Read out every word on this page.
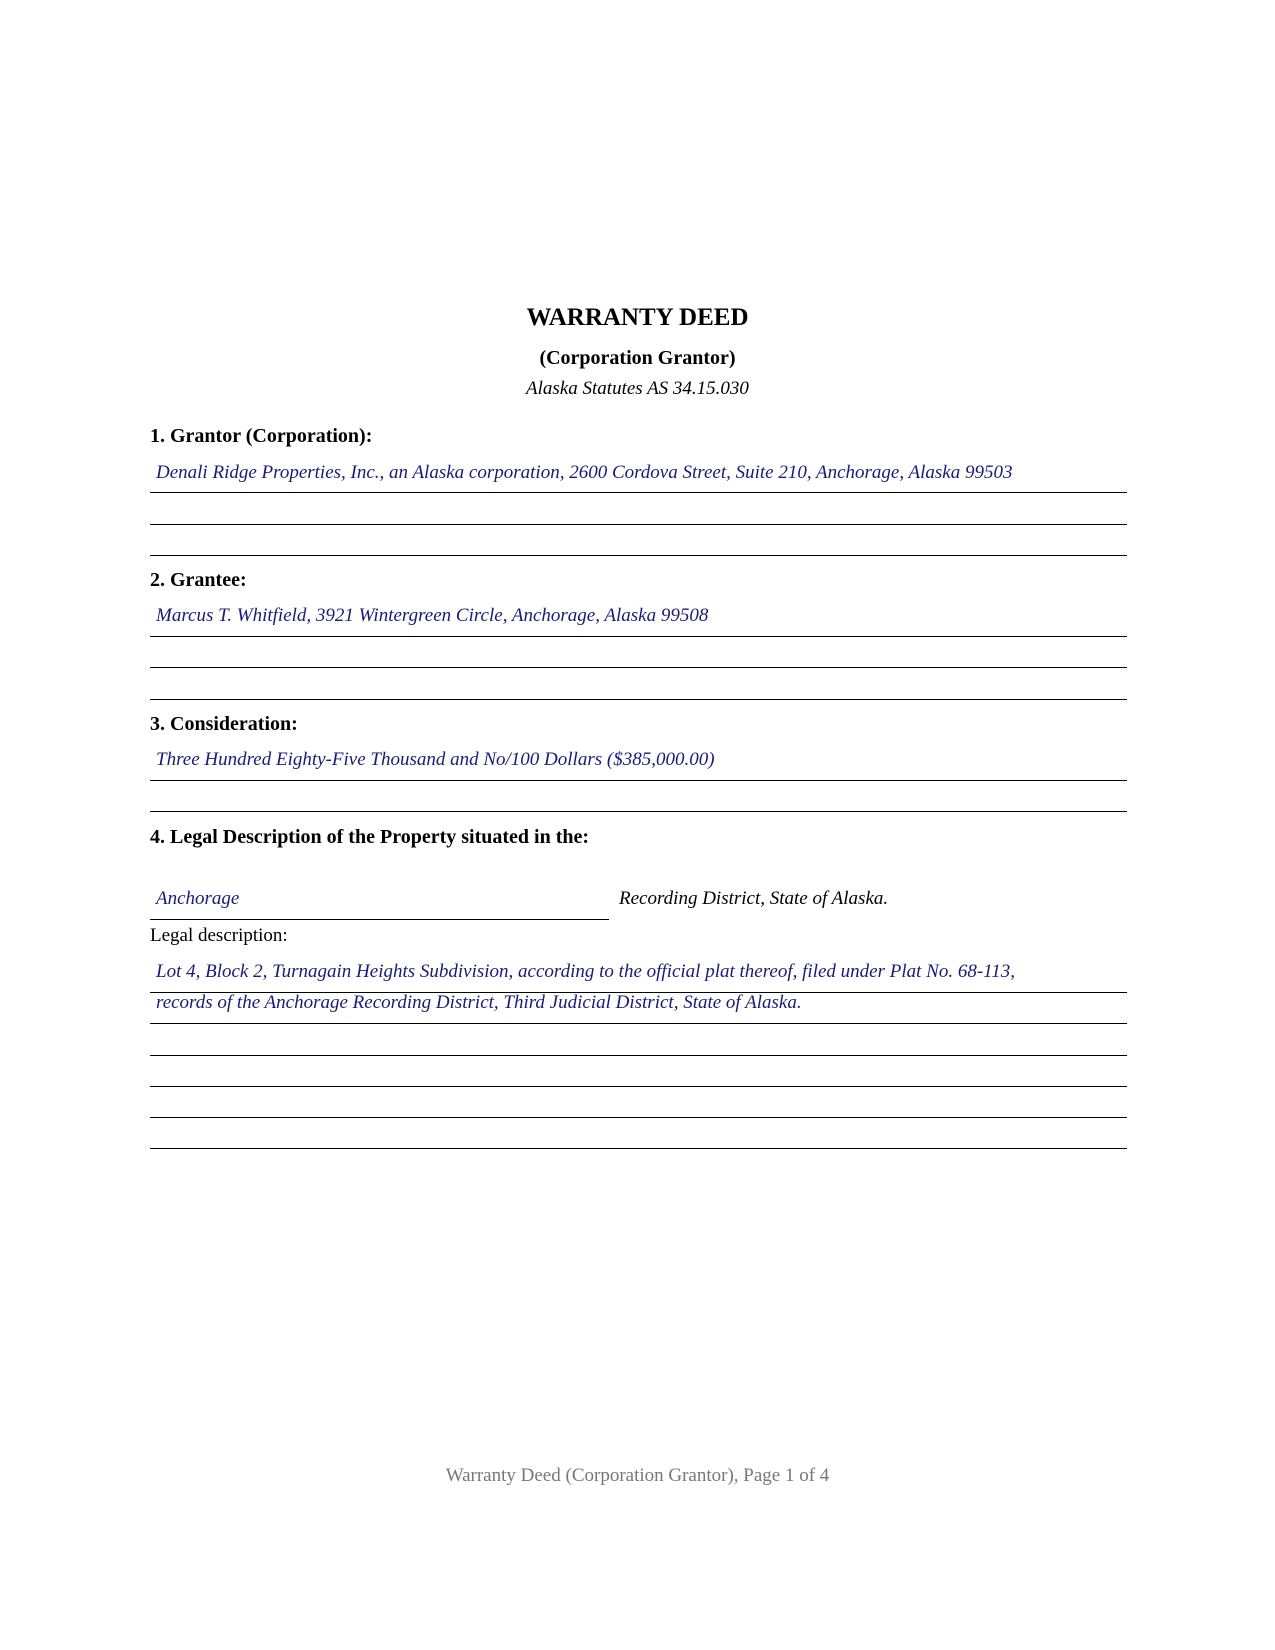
WARRANTY DEED
(Corporation Grantor)
Alaska Statutes AS 34.15.030
1. Grantor (Corporation):
Denali Ridge Properties, Inc., an Alaska corporation, 2600 Cordova Street, Suite 210, Anchorage, Alaska 99503
2. Grantee:
Marcus T. Whitfield, 3921 Wintergreen Circle, Anchorage, Alaska 99508
3. Consideration:
Three Hundred Eighty-Five Thousand and No/100 Dollars ($385,000.00)
4. Legal Description of the Property situated in the:
Anchorage	Recording District, State of Alaska.
Legal description:
Lot 4, Block 2, Turnagain Heights Subdivision, according to the official plat thereof, filed under Plat No. 68-113,
records of the Anchorage Recording District, Third Judicial District, State of Alaska.
Warranty Deed (Corporation Grantor), Page 1 of 4
